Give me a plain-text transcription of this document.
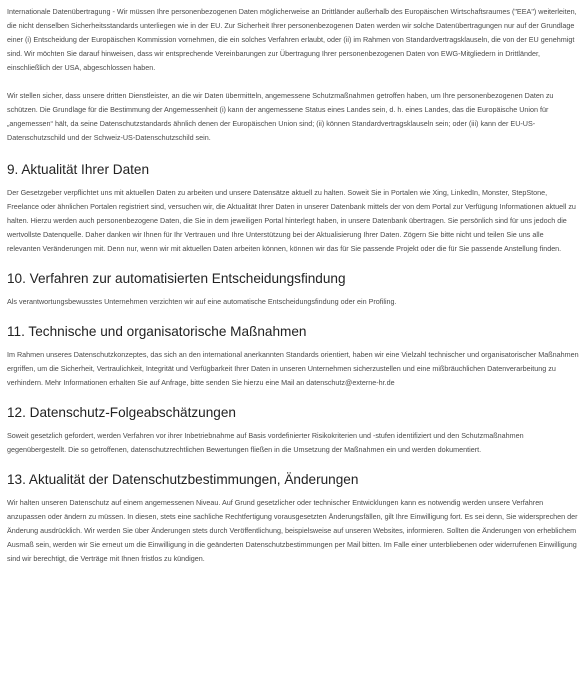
Internationale Datenübertragung - Wir müssen Ihre personenbezogenen Daten möglicherweise an Drittländer außerhalb des Europäischen Wirtschaftsraumes ("EEA") weiterleiten, die nicht denselben Sicherheitsstandards unterliegen wie in der EU. Zur Sicherheit Ihrer personenbezogenen Daten werden wir solche Datenübertragungen nur auf der Grundlage einer (i) Entscheidung der Europäischen Kommission vornehmen, die ein solches Verfahren erlaubt, oder (ii) im Rahmen von Standardvertragsklauseln, die von der EU genehmigt sind. Wir möchten Sie darauf hinweisen, dass wir entsprechende Vereinbarungen zur Übertragung Ihrer personenbezogenen Daten von EWG-Mitgliedern in Drittländer, einschließlich der USA, abgeschlossen haben.

Wir stellen sicher, dass unsere dritten Dienstleister, an die wir Daten übermitteln, angemessene Schutzmaßnahmen getroffen haben, um Ihre personenbezogenen Daten zu schützen. Die Grundlage für die Bestimmung der Angemessenheit (i) kann der angemessene Status eines Landes sein, d. h. eines Landes, das die Europäische Union für „angemessen“ hält, da seine Datenschutzstandards ähnlich denen der Europäischen Union sind; (ii) können Standardvertragsklauseln sein; oder (iii) kann der EU-US-Datenschutzschild und der Schweiz-US-Datenschutzschild sein.

9. Aktualität Ihrer Daten

Der Gesetzgeber verpflichtet uns mit aktuellen Daten zu arbeiten und unsere Datensätze aktuell zu halten. Soweit Sie in Portalen wie Xing, LinkedIn, Monster, StepStone, Freelance oder ähnlichen Portalen registriert sind, versuchen wir, die Aktualität Ihrer Daten in unserer Datenbank mittels der von dem Portal zur Verfügung Informationen aktuell zu halten. Hierzu werden auch personenbezogene Daten, die Sie in dem jeweiligen Portal hinterlegt haben, in unsere Datenbank übertragen. Sie persönlich sind für uns jedoch die wertvollste Datenquelle. Daher danken wir Ihnen für Ihr Vertrauen und Ihre Unterstützung bei der Aktualisierung Ihrer Daten. Zögern Sie bitte nicht und teilen Sie uns alle relevanten Veränderungen mit. Denn nur, wenn wir mit aktuellen Daten arbeiten können, können wir das für Sie passende Projekt oder die für Sie passende Anstellung finden.

10. Verfahren zur automatisierten Entscheidungsfindung

Als verantwortungsbewusstes Unternehmen verzichten wir auf eine automatische Entscheidungsfindung oder ein Profiling.

11. Technische und organisatorische Maßnahmen

Im Rahmen unseres Datenschutzkonzeptes, das sich an den international anerkannten Standards orientiert, haben wir eine Vielzahl technischer und organisatorischer Maßnahmen ergriffen, um die Sicherheit, Vertraulichkeit, Integrität und Verfügbarkeit Ihrer Daten in unseren Unternehmen sicherzustellen und eine mißbräuchlichen Datenverarbeitung zu verhindern. Mehr Informationen erhalten Sie auf Anfrage, bitte senden Sie hierzu eine Mail an datenschutz@externe-hr.de

12. Datenschutz-Folgeabschätzungen

Soweit gesetzlich gefordert, werden Verfahren vor ihrer Inbetriebnahme auf Basis vordefinierter Risikokriterien und -stufen identifiziert und den Schutzmaßnahmen gegenübergestellt. Die so getroffenen, datenschutzrechtlichen Bewertungen fließen in die Umsetzung der Maßnahmen ein und werden dokumentiert.

13. Aktualität der Datenschutzbestimmungen, Änderungen

Wir halten unseren Datenschutz auf einem angemessenen Niveau. Auf Grund gesetzlicher oder technischer Entwicklungen kann es notwendig werden unsere Verfahren anzupassen oder ändern zu müssen. In diesen, stets eine sachliche Rechtfertigung vorausgesetzten Änderungsfällen, gilt Ihre Einwilligung fort. Es sei denn, Sie widersprechen der Änderung ausdrücklich. Wir werden Sie über Änderungen stets durch Veröffentlichung, beispielsweise auf unseren Websites, informieren. Sollten die Änderungen von erheblichem Ausmaß sein, werden wir Sie erneut um die Einwilligung in die geänderten Datenschutzbestimmungen per Mail bitten. Im Falle einer unterbliebenen oder widerrufenen Einwilligung sind wir berechtigt, die Verträge mit Ihnen fristlos zu kündigen.
